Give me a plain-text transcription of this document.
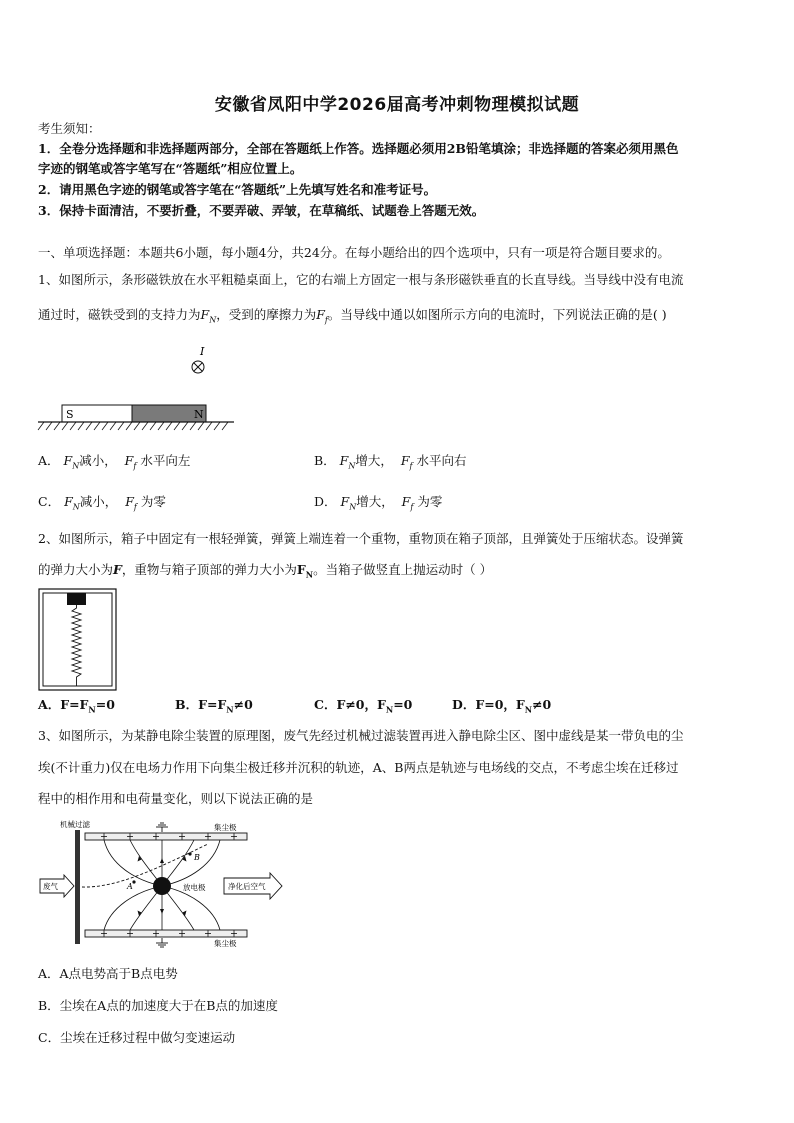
安徽省凤阳中学2026届高考冲刺物理模拟试题
考生须知：
1．全卷分选择题和非选择题两部分，全部在答题纸上作答。选择题必须用2B铅笔填涂；非选择题的答案必须用黑色
字迹的钢笔或答字笔写在“答题纸”相应位置上。
2．请用黑色字迹的钢笔或答字笔在“答题纸”上先填写姓名和准考证号。
3．保持卡面清洁，不要折叠，不要弄破、弄皱，在草稿纸、试题卷上答题无效。
一、单项选择题：本题共6小题，每小题4分，共24分。在每小题给出的四个选项中，只有一项是符合题目要求的。
1、如图所示，条形磁铁放在水平粗糙桌面上，它的右端上方固定一根与条形磁铁垂直的长直导线。当导线中没有电流
通过时，磁铁受到的支持力为$F_N$，受到的摩擦力为$F_f$。当导线中通以如图所示方向的电流时，下列说法正确的是( )
I
S	N
A． $F_N$减小， $F_f$ 水平向左	B． $F_N$增大， $F_f$ 水平向右
C． $F_N$减小， $F_f$ 为零	D． $F_N$增大， $F_f$ 为零
2、如图所示，箱子中固定有一根轻弹簧，弹簧上端连着一个重物，重物顶在箱子顶部，且弹簧处于压缩状态。设弹簧
的弹力大小为F，重物与箱子顶部的弹力大小为$F_N$。当箱子做竖直上抛运动时（ ）
A．$F=F_N=0$	B．$F=F_N\ne 0$	C．F≠0，$F_N=0$	D．F=0，$F_N\ne 0$
3、如图所示，为某静电除尘装置的原理图，废气先经过机械过滤装置再进入静电除尘区、图中虚线是某一带负电的尘
埃(不计重力)仅在电场力作用下向集尘极迁移并沉积的轨迹，A、B两点是轨迹与电场线的交点，不考虑尘埃在迁移过
程中的相作用和电荷量变化，则以下说法正确的是
机械过滤	集尘极
集尘极
A
B
放电极
废气	净化后空气
A．A点电势高于B点电势
B．尘埃在A点的加速度大于在B点的加速度
C．尘埃在迁移过程中做匀变速运动
